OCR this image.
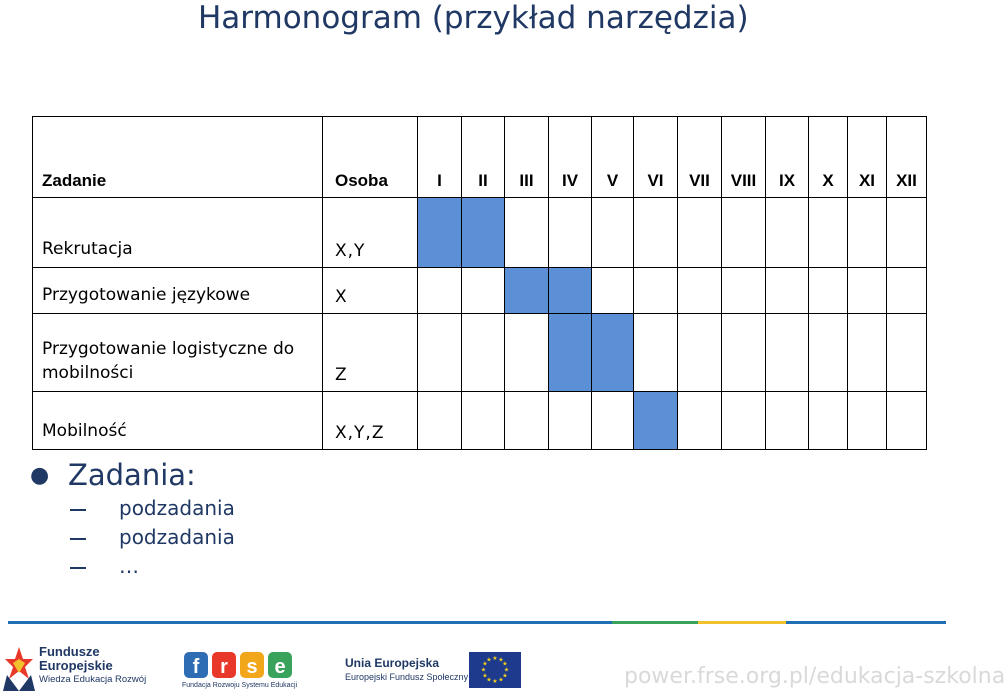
Harmonogram (przykład narzędzia)
Zadanie	Osoba	I	II	III	IV	V	VI	VII	VIII	IX	X	XI	XII
Rekrutacja	X,Y												
Przygotowanie językowe	X												
Przygotowanie logistyczne do mobilności	Z												
Mobilność	X,Y,Z												
● Zadania:
podzadania
podzadania
…
Fundusze
Europejskie
Wiedza Edukacja Rozwój
f r s e
Fundacja Rozwoju Systemu Edukacji
Unia Europejska
Europejski Fundusz Społeczny
★ ★
★
★
★
★
★
★
★
★
★
★
power.frse.org.pl/edukacja-szkolna
